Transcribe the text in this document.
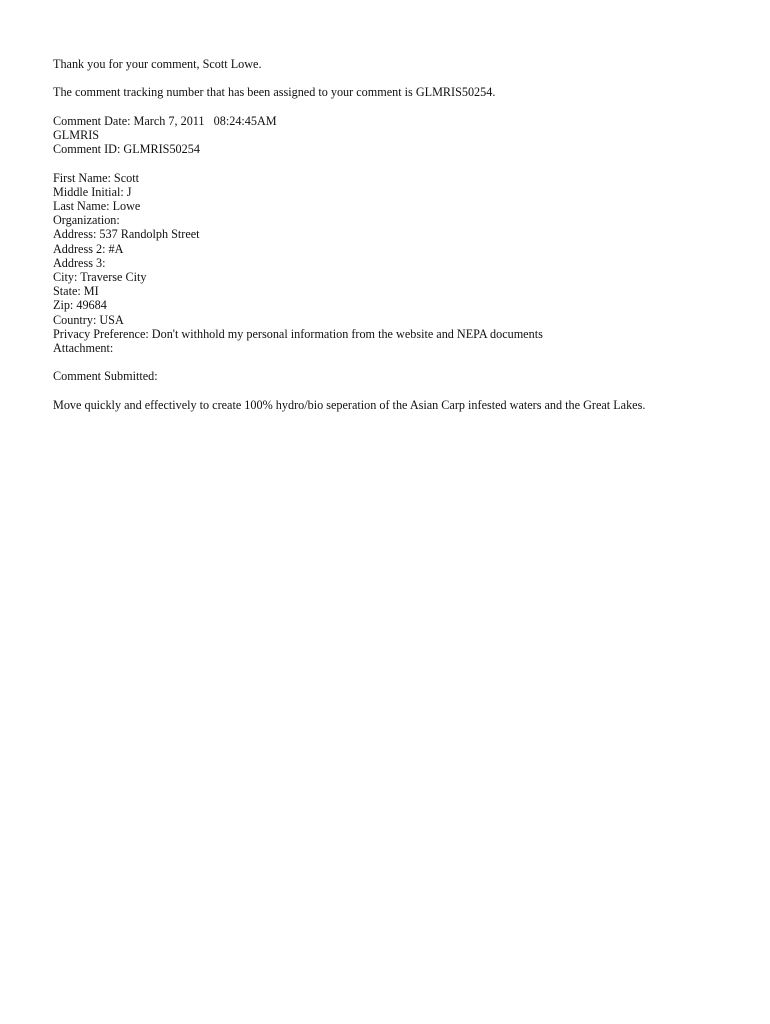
Thank you for your comment, Scott Lowe.
The comment tracking number that has been assigned to your comment is GLMRIS50254.
Comment Date: March 7, 2011   08:24:45AM
GLMRIS
Comment ID: GLMRIS50254
First Name: Scott
Middle Initial: J
Last Name: Lowe
Organization:
Address: 537 Randolph Street
Address 2: #A
Address 3:
City: Traverse City
State: MI
Zip: 49684
Country: USA
Privacy Preference: Don't withhold my personal information from the website and NEPA documents
Attachment:
Comment Submitted:
Move quickly and effectively to create 100% hydro/bio seperation of the Asian Carp infested waters and the Great Lakes.
